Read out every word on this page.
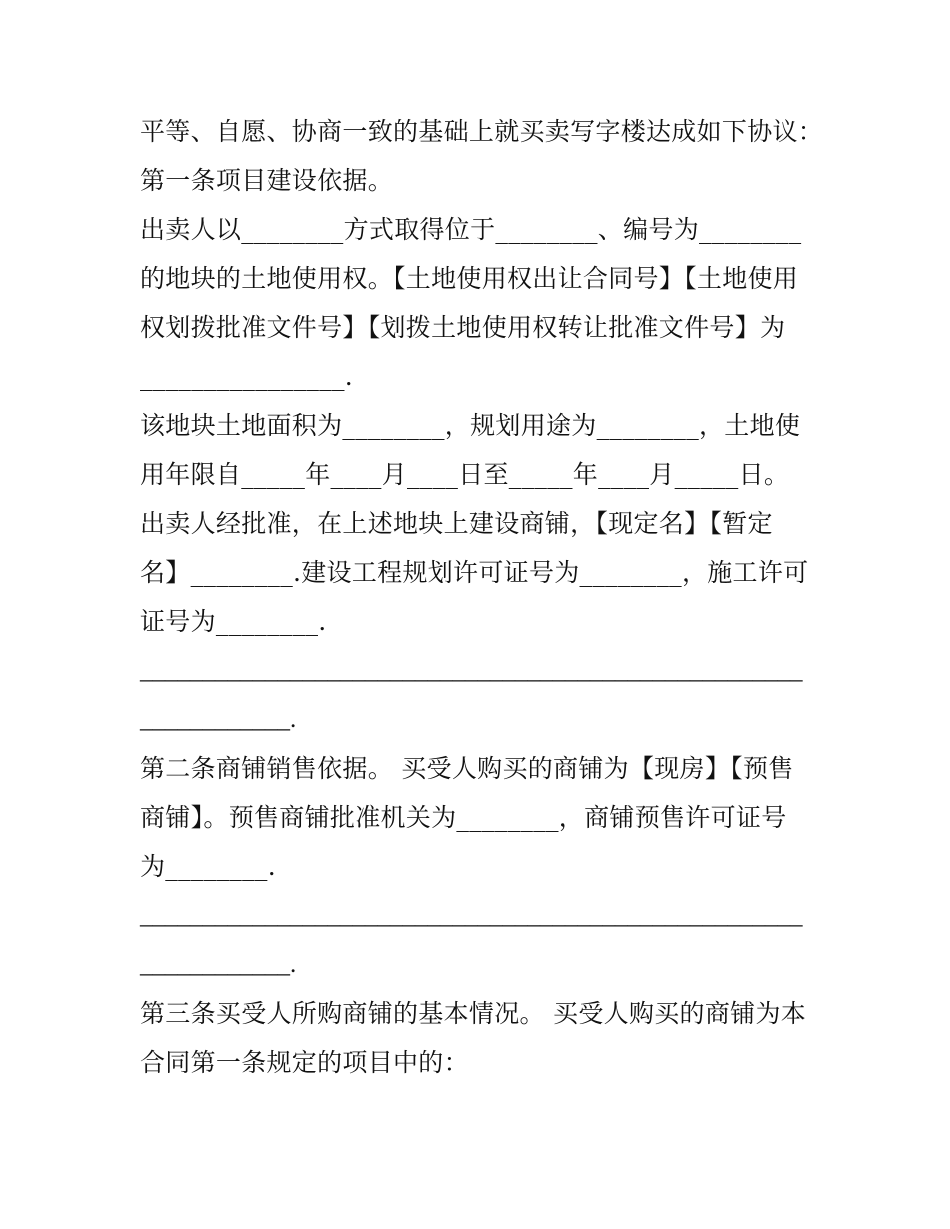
平等、自愿、协商一致的基础上就买卖写字楼达成如下协议：
第一条项目建设依据。
出卖人以________方式取得位于________、编号为________
的地块的土地使用权。【土地使用权出让合同号】【土地使用
权划拨批准文件号】【划拨土地使用权转让批准文件号】为
________________.
该地块土地面积为________，规划用途为________，土地使
用年限自_____年____月____日至_____年____月_____日。
出卖人经批准，在上述地块上建设商铺，【现定名】【暂定
名】________.建设工程规划许可证号为________，施工许可
证号为________.
_____________________________________________________
____________.
第二条商铺销售依据。 买受人购买的商铺为【现房】【预售
商铺】。预售商铺批准机关为________，商铺预售许可证号
为________.
_____________________________________________________
____________.
第三条买受人所购商铺的基本情况。 买受人购买的商铺为本
合同第一条规定的项目中的：
